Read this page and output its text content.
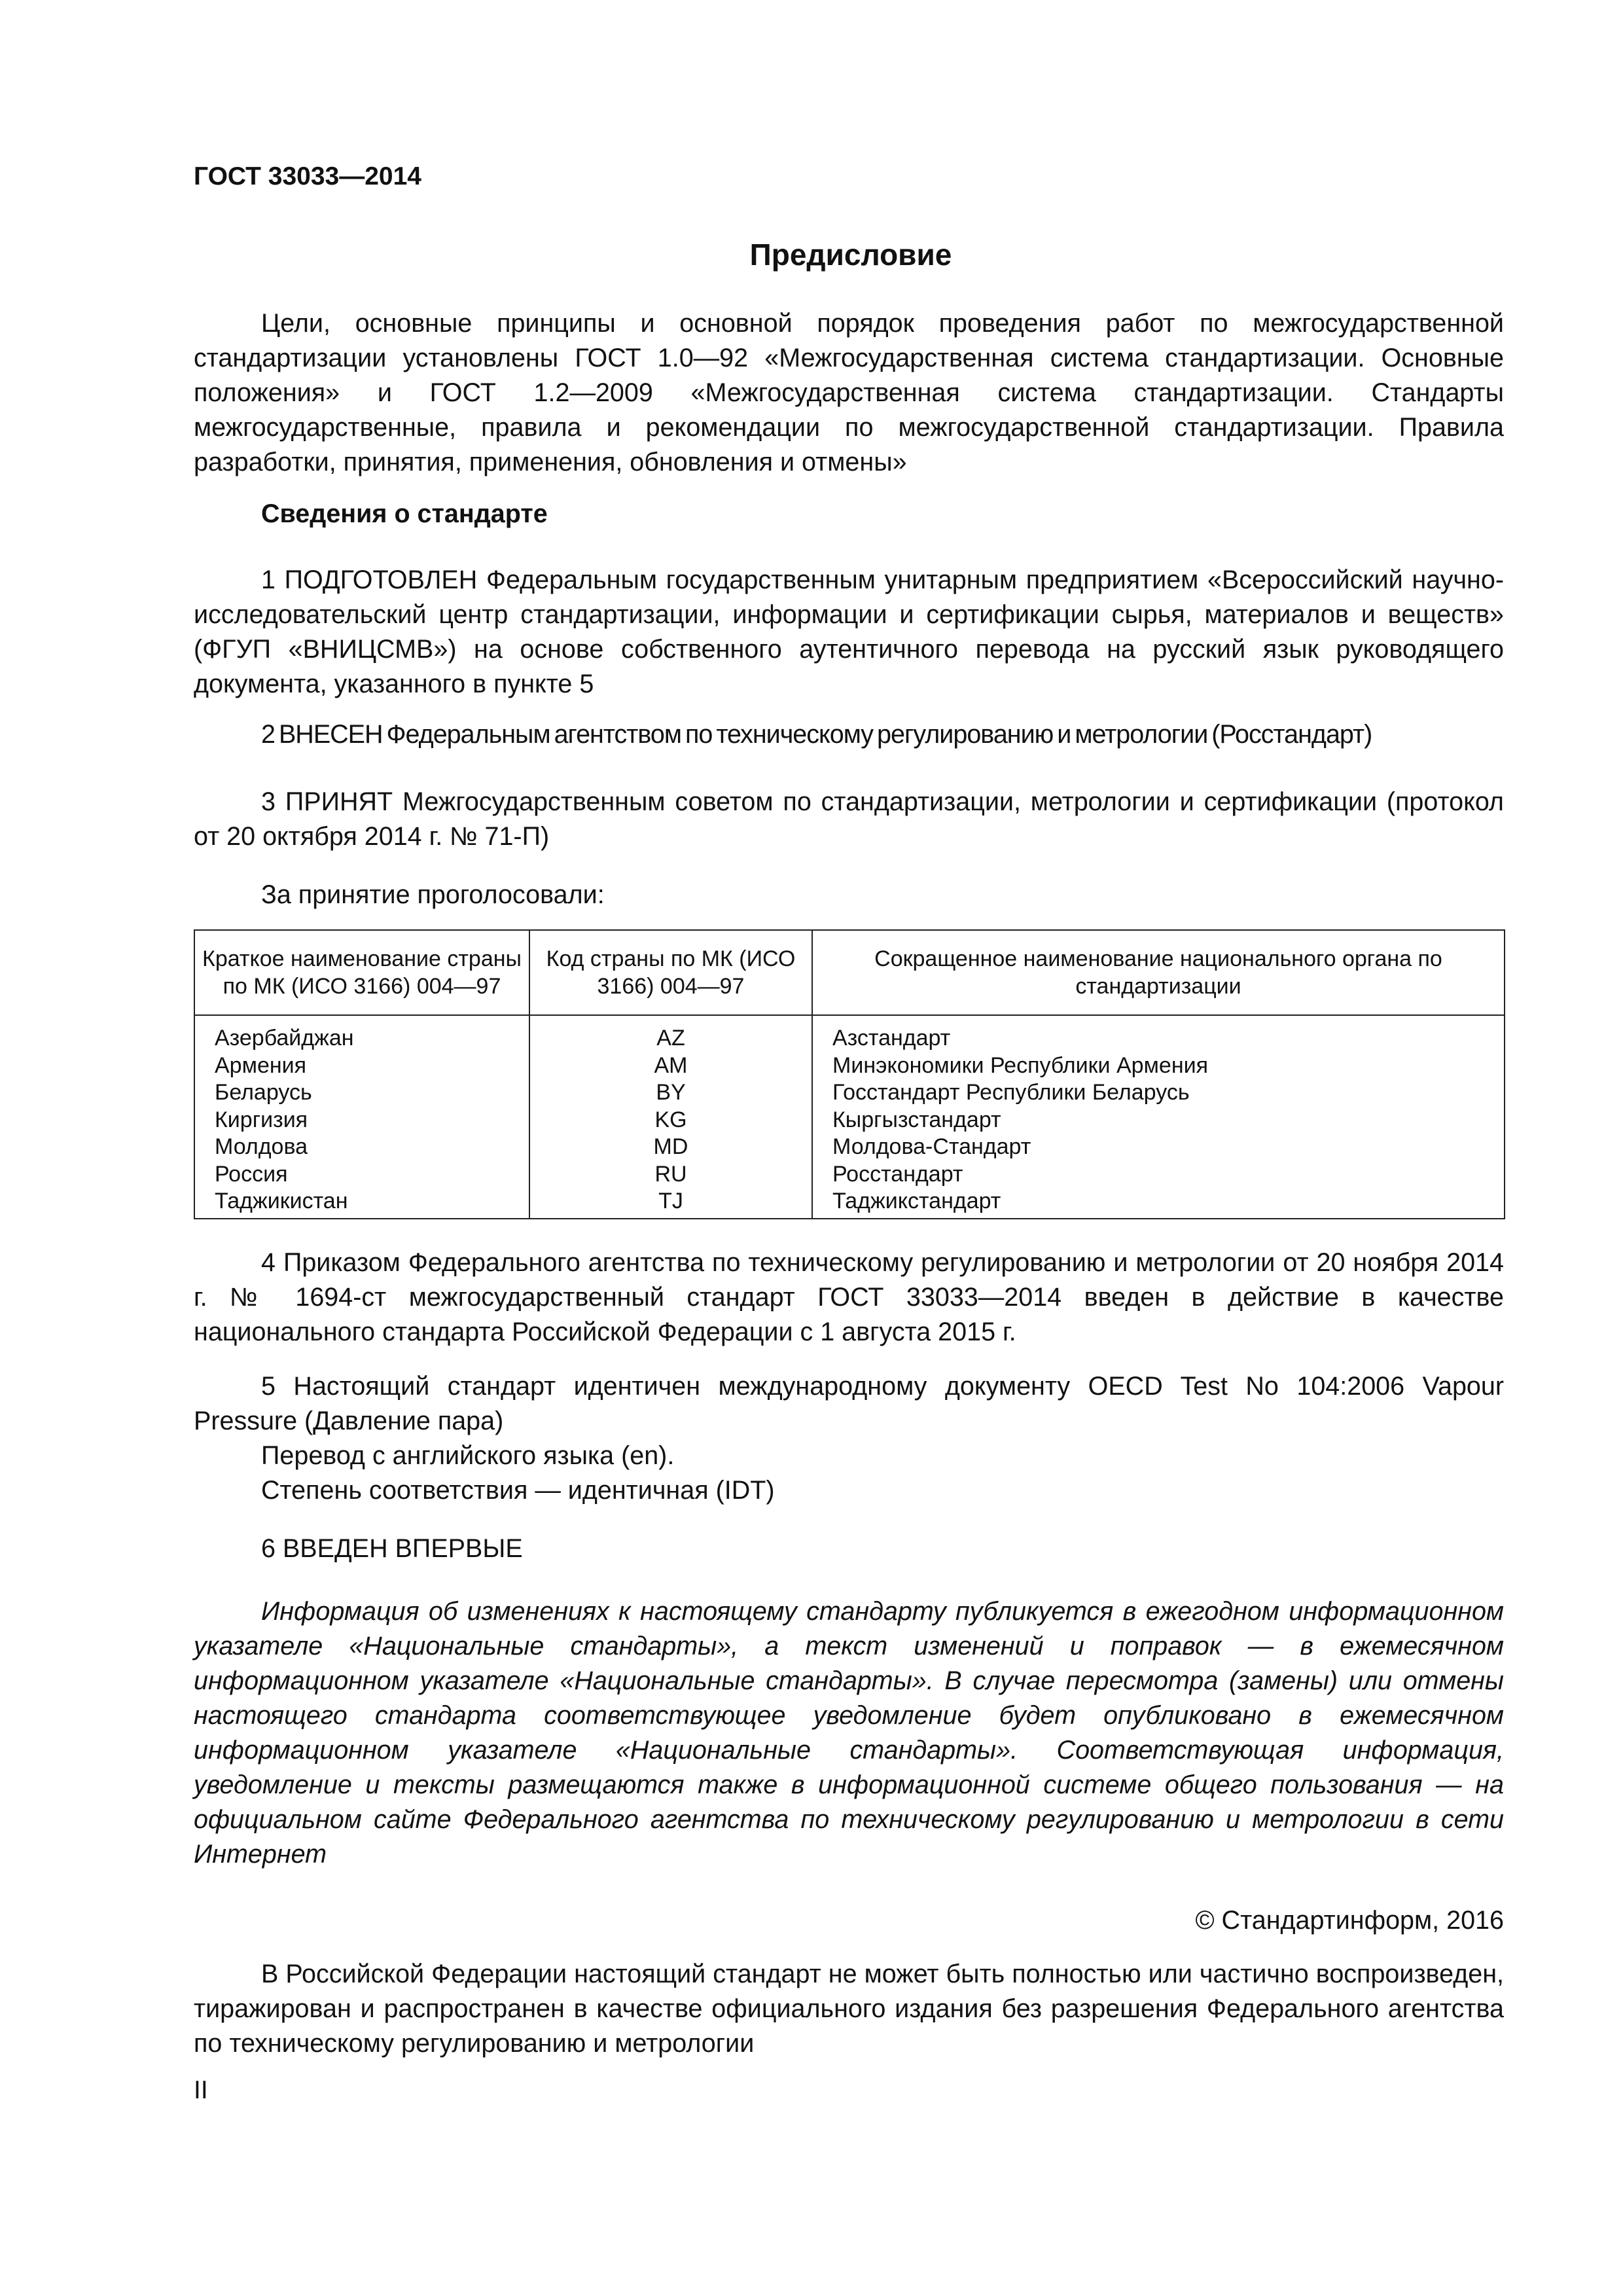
ГОСТ 33033—2014
Предисловие

Цели, основные принципы и основной порядок проведения работ по межгосударственной стандартизации установлены ГОСТ 1.0—92 «Межгосударственная система стандартизации. Основные положения» и ГОСТ 1.2—2009 «Межгосударственная система стандартизации. Стандарты межгосударственные, правила и рекомендации по межгосударственной стандартизации. Правила разработки, принятия, применения, обновления и отмены»

Сведения о стандарте

1 ПОДГОТОВЛЕН Федеральным государственным унитарным предприятием «Всероссийский научно-исследовательский центр стандартизации, информации и сертификации сырья, материалов и веществ» (ФГУП «ВНИЦСМВ») на основе собственного аутентичного перевода на русский язык руководящего документа, указанного в пункте 5

2 ВНЕСЕН Федеральным агентством по техническому регулированию и метрологии (Росстандарт)

3 ПРИНЯТ Межгосударственным советом по стандартизации, метрологии и сертификации (протокол от 20 октября 2014 г. № 71-П)

За принятие проголосовали:
Краткое наименование страны по МК (ИСО 3166) 004—97	Код страны по МК (ИСО 3166) 004—97	Сокращенное наименование национального органа по стандартизации
Азербайджан	AZ	Азстандарт
Армения	AM	Минэкономики Республики Армения
Беларусь	BY	Госстандарт Республики Беларусь
Киргизия	KG	Кыргызстандарт
Молдова	MD	Молдова-Стандарт
Россия	RU	Росстандарт
Таджикистан	TJ	Таджикстандарт

4 Приказом Федерального агентства по техническому регулированию и метрологии от 20 ноября 2014 г. № 1694-ст межгосударственный стандарт ГОСТ 33033—2014 введен в действие в качестве национального стандарта Российской Федерации с 1 августа 2015 г.

5 Настоящий стандарт идентичен международному документу OECD Test No 104:2006 Vapour Pressure (Давление пара)

Перевод с английского языка (en).
Степень соответствия — идентичная (IDT)
6 ВВЕДЕН ВПЕРВЫЕ

Информация об изменениях к настоящему стандарту публикуется в ежегодном информационном указателе «Национальные стандарты», а текст изменений и поправок — в ежемесячном информационном указателе «Национальные стандарты». В случае пересмотра (замены) или отмены настоящего стандарта соответствующее уведомление будет опубликовано в ежемесячном информационном указателе «Национальные стандарты». Соответствующая информация, уведомление и тексты размещаются также в информационной системе общего пользования — на официальном сайте Федерального агентства по техническому регулированию и метрологии в сети Интернет

© Стандартинформ, 2016

В Российской Федерации настоящий стандарт не может быть полностью или частично воспроизведен, тиражирован и распространен в качестве официального издания без разрешения Федерального агентства по техническому регулированию и метрологии

II
